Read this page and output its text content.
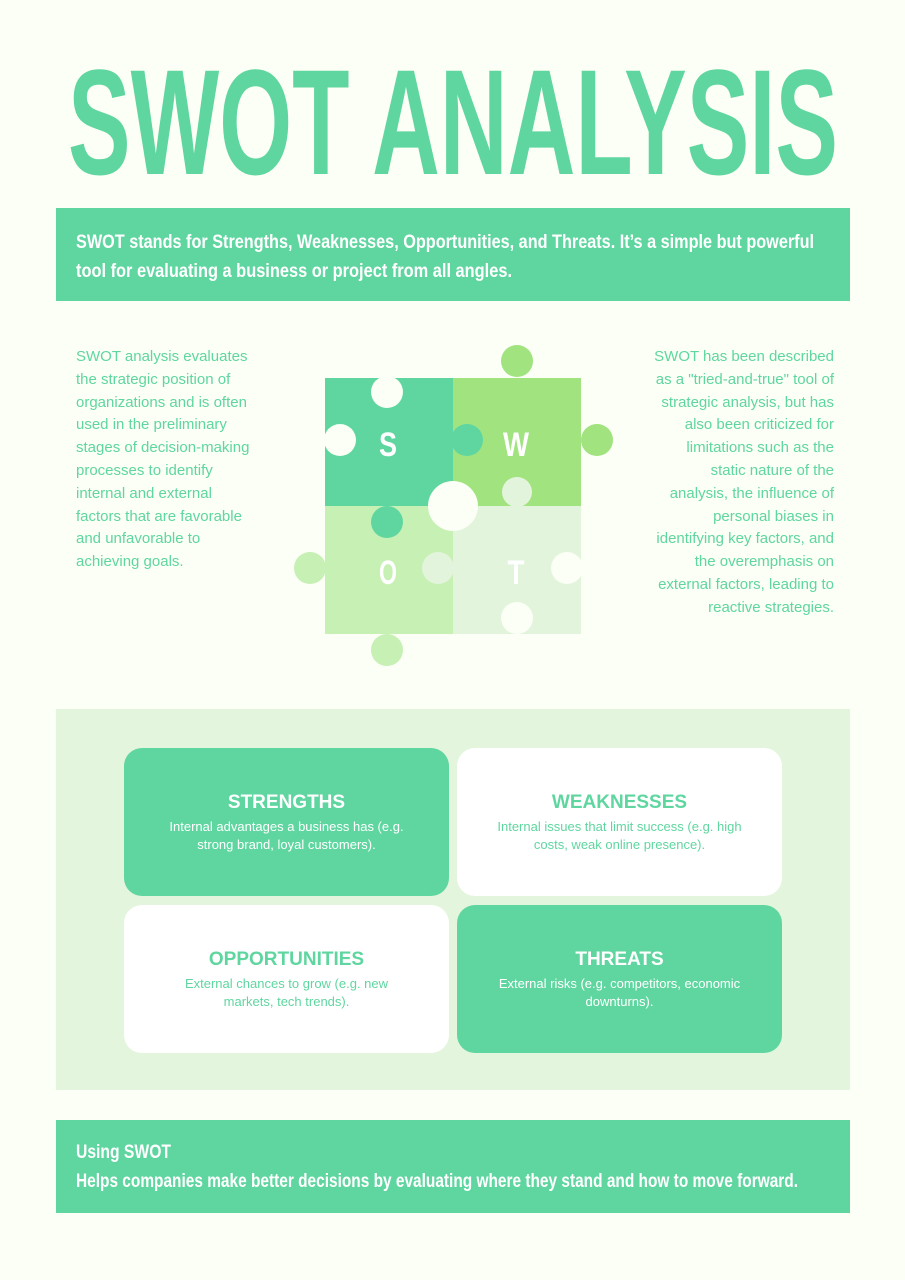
SWOT ANALYSIS
SWOT stands for Strengths, Weaknesses, Opportunities, and Threats. It’s a simple but powerful
tool for evaluating a business or project from all angles.
SWOT analysis evaluates the strategic position of organizations and is often used in the preliminary stages of decision-making processes to identify internal and external factors that are favorable and unfavorable to achieving goals.
SWOT has been described as a "tried-and-true" tool of strategic analysis, but has also been criticized for limitations such as the static nature of the analysis, the influence of personal biases in identifying key factors, and the overemphasis on external factors, leading to reactive strategies.
S	W
O	T
STRENGTHS

Internal advantages a business has (e.g. strong brand, loyal customers).

WEAKNESSES

Internal issues that limit success (e.g. high costs, weak online presence).

OPPORTUNITIES

External chances to grow (e.g. new markets, tech trends).

THREATS

External risks (e.g. competitors, economic downturns).

Using SWOT
Helps companies make better decisions by evaluating where they stand and how to move forward.
